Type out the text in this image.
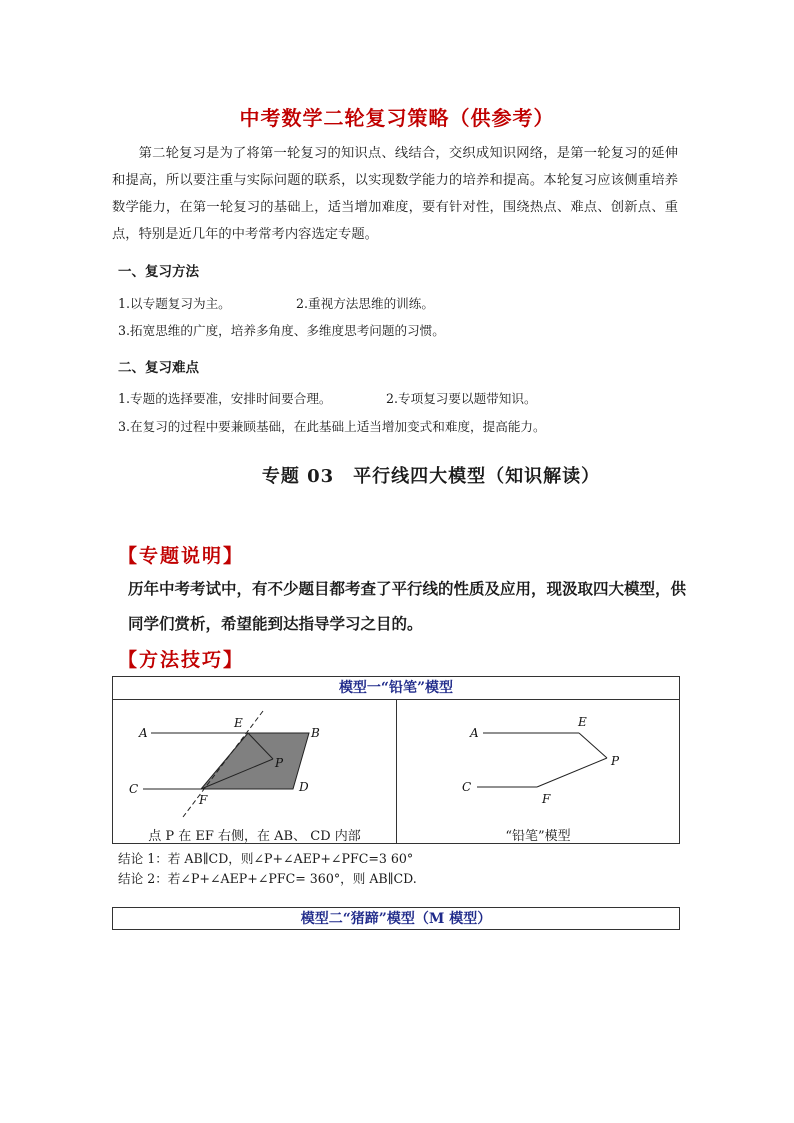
中考数学二轮复习策略（供参考）
第二轮复习是为了将第一轮复习的知识点、线结合，交织成知识网络，是第一轮复习的延伸和提高，所以要注重与实际问题的联系，以实现数学能力的培养和提高。本轮复习应该侧重培养数学能力，在第一轮复习的基础上，适当增加难度，要有针对性，围绕热点、难点、创新点、重点，特别是近几年的中考常考内容选定专题。
一、复习方法
1.以专题复习为主。	2.重视方法思维的训练。
3.拓宽思维的广度，培养多角度、多维度思考问题的习惯。
二、复习难点
1.专题的选择要准，安排时间要合理。	2.专项复习要以题带知识。
3.在复习的过程中要兼顾基础，在此基础上适当增加变式和难度，提高能力。
专题 03　平行线四大模型（知识解读）
【专题说明】
历年中考考试中，有不少题目都考查了平行线的性质及应用，现汲取四大模型，供同学们赏析，希望能到达指导学习之目的。
【方法技巧】
模型一“铅笔”模型
A	B
C	D
E
F
P
A
E
P
C
F
点 P 在 EF 右侧，在 AB、 CD 内部	“铅笔”模型
结论 1：若 AB∥CD，则∠P+∠AEP+∠PFC=3 60°
结论 2：若∠P+∠AEP+∠PFC= 360°，则 AB∥CD.
模型二“猪蹄”模型（M 模型）
